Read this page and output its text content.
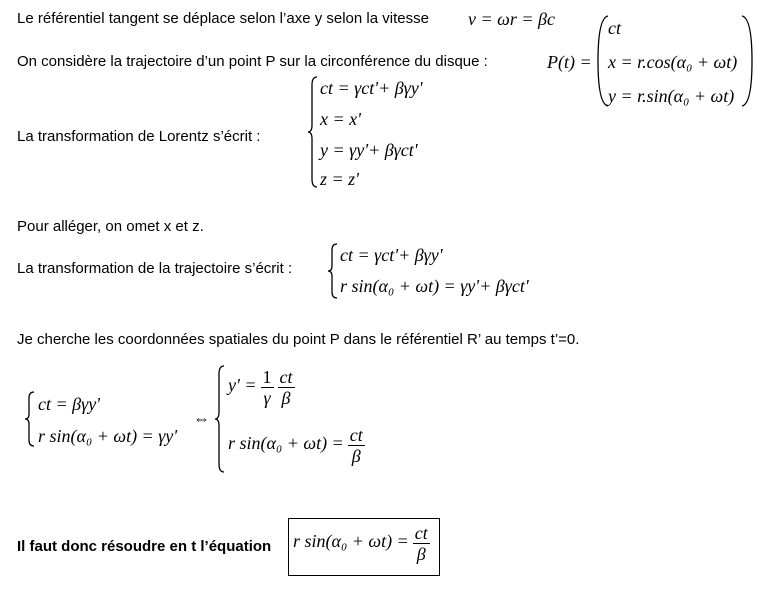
Le référentiel tangent se déplace selon l’axe y selon la vitesse v = ωr = βc
On considère la trajectoire d’un point P sur la circonférence du disque :	P(t) =
ct
x = r.cos(α₀ + ωt)
y = r.sin(α₀ + ωt)
La transformation de Lorentz s’écrit :
ct = γct'+ βγy'
x = x'
y = γy'+ βγct'
z = z'
Pour alléger, on omet x et z.
La transformation de la trajectoire s’écrit :
ct = γct'+ βγy'
r sin(α₀ + ωt) = γy'+ βγct'
Je cherche les coordonnées spatiales du point P dans le référentiel R’ au temps t’=0.
ct = βγy'
r sin(α₀ + ωt) = γy'
⇔
$y' = \frac{1}{\gamma}$
$\frac{ct}{\beta}$
r $\sin(\alpha_0 + \omega t) = \frac{ct}{\beta}$
Il faut donc résoudre en t l’équation r $\sin(\alpha_0 + \omega t) = \frac{ct}{\beta}$
